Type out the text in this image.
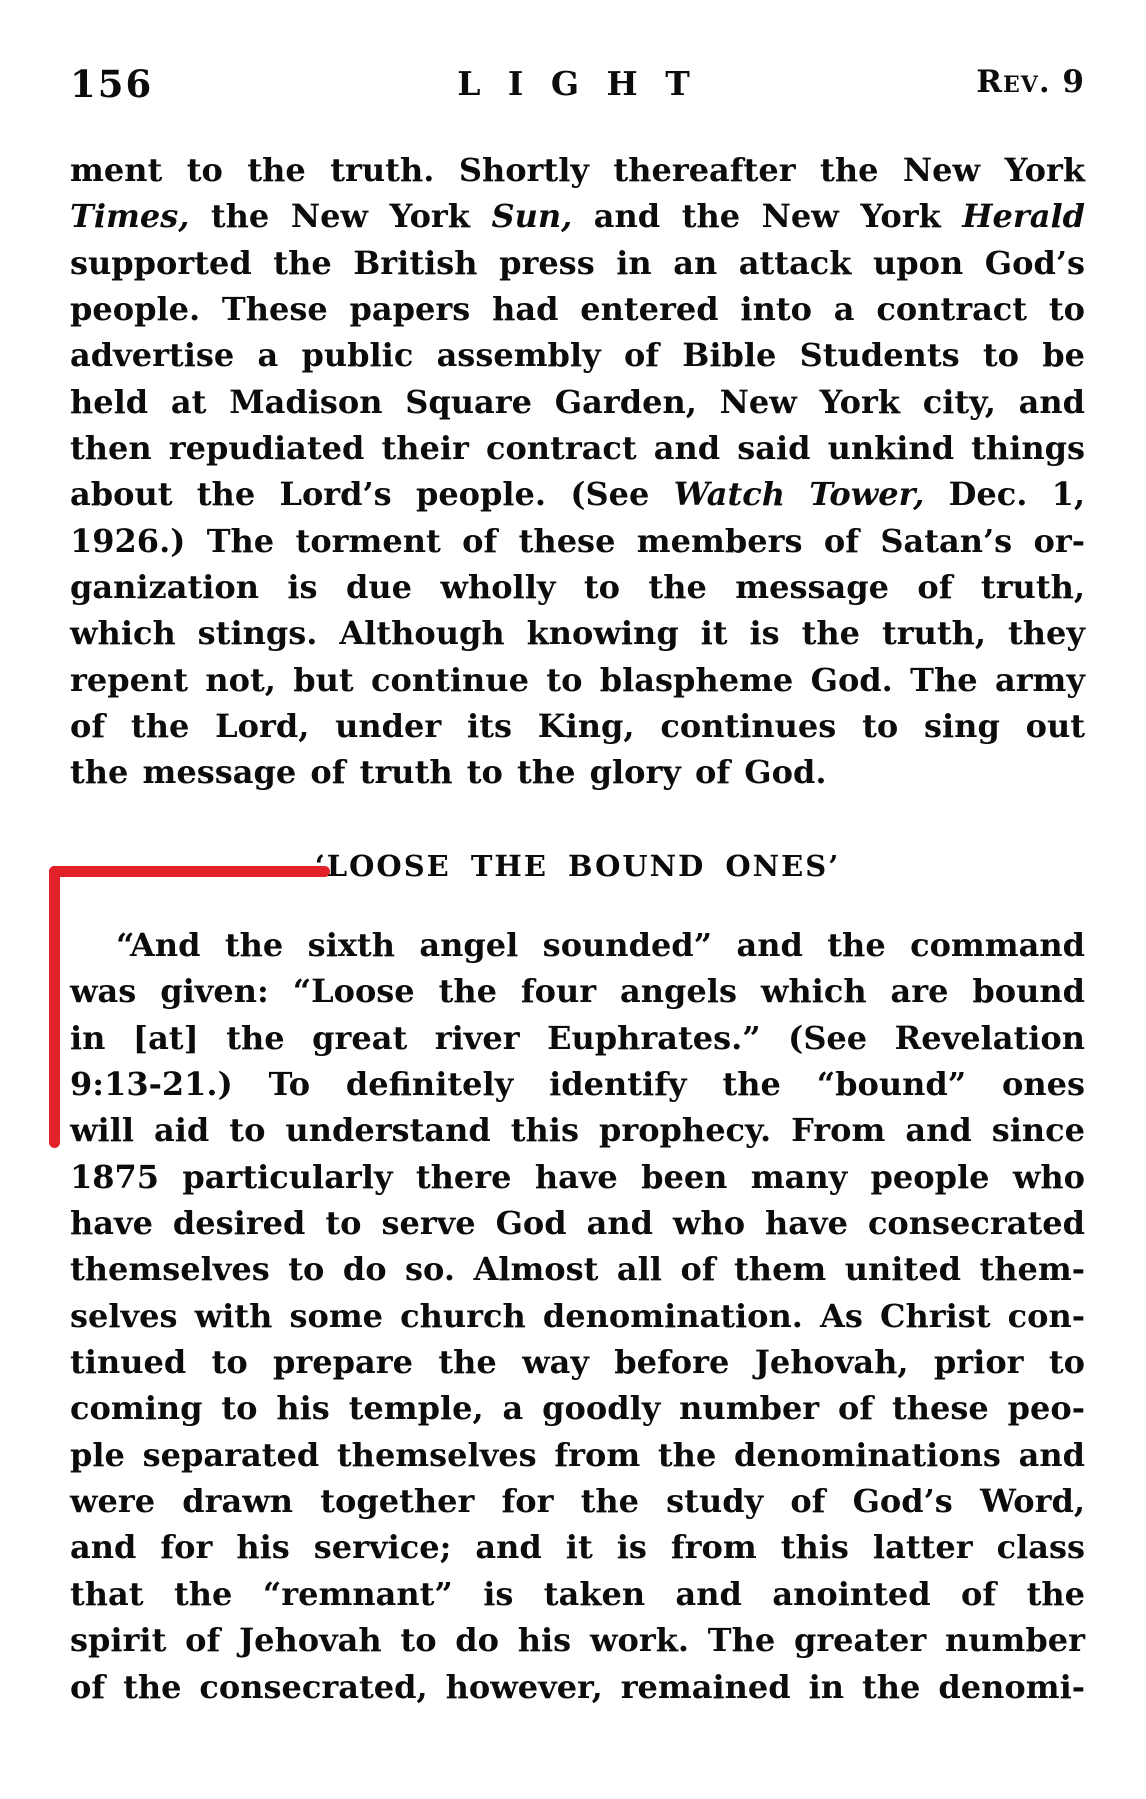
156	L I G H T	Rev. 9
ment to the truth. Shortly thereafter the New York
Times, the New York Sun, and the New York Herald
supported the British press in an attack upon God’s
people. These papers had entered into a contract to
advertise a public assembly of Bible Students to be
held at Madison Square Garden, New York city, and
then repudiated their contract and said unkind things
about the Lord’s people. (See Watch Tower, Dec. 1,
1926.) The torment of these members of Satan’s or-
ganization is due wholly to the message of truth,
which stings. Although knowing it is the truth, they
repent not, but continue to blaspheme God. The army
of the Lord, under its King, continues to sing out
the message of truth to the glory of God.
‘LOOSE THE BOUND ONES’
“And the sixth angel sounded” and the command
was given: “Loose the four angels which are bound
in [at] the great river Euphrates.” (See Revelation
9:13-21.) To definitely identify the “bound” ones
will aid to understand this prophecy. From and since
1875 particularly there have been many people who
have desired to serve God and who have consecrated
themselves to do so. Almost all of them united them-
selves with some church denomination. As Christ con-
tinued to prepare the way before Jehovah, prior to
coming to his temple, a goodly number of these peo-
ple separated themselves from the denominations and
were drawn together for the study of God’s Word,
and for his service; and it is from this latter class
that the “remnant” is taken and anointed of the
spirit of Jehovah to do his work. The greater number
of the consecrated, however, remained in the denomi-
